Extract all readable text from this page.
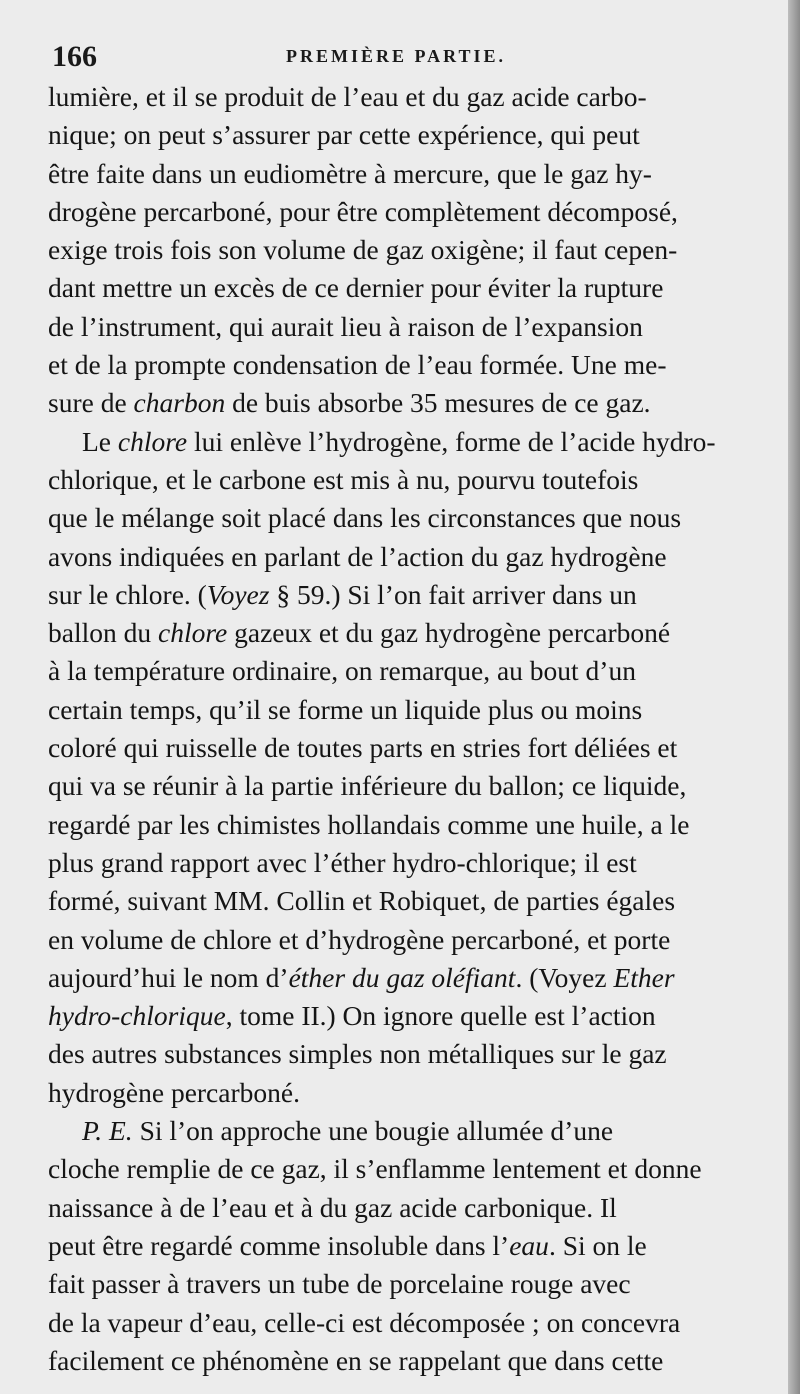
166	PREMIÈRE PARTIE.
lumière, et il se produit de l’eau et du gaz acide carbo-
nique; on peut s’assurer par cette expérience, qui peut
être faite dans un eudiomètre à mercure, que le gaz hy-
drogène percarboné, pour être complètement décomposé,
exige trois fois son volume de gaz oxigène; il faut cepen-
dant mettre un excès de ce dernier pour éviter la rupture
de l’instrument, qui aurait lieu à raison de l’expansion
et de la prompte condensation de l’eau formée. Une me-
sure de charbon de buis absorbe 35 mesures de ce gaz.
Le chlore lui enlève l’hydrogène, forme de l’acide hydro-
chlorique, et le carbone est mis à nu, pourvu toutefois
que le mélange soit placé dans les circonstances que nous
avons indiquées en parlant de l’action du gaz hydrogène
sur le chlore. (Voyez § 59.) Si l’on fait arriver dans un
ballon du chlore gazeux et du gaz hydrogène percarboné
à la température ordinaire, on remarque, au bout d’un
certain temps, qu’il se forme un liquide plus ou moins
coloré qui ruisselle de toutes parts en stries fort déliées et
qui va se réunir à la partie inférieure du ballon; ce liquide,
regardé par les chimistes hollandais comme une huile, a le
plus grand rapport avec l’éther hydro-chlorique; il est
formé, suivant MM. Collin et Robiquet, de parties égales
en volume de chlore et d’hydrogène percarboné, et porte
aujourd’hui le nom d’éther du gaz oléfiant. (Voyez Ether
hydro-chlorique, tome II.) On ignore quelle est l’action
des autres substances simples non métalliques sur le gaz
hydrogène percarboné.
P. E. Si l’on approche une bougie allumée d’une
cloche remplie de ce gaz, il s’enflamme lentement et donne
naissance à de l’eau et à du gaz acide carbonique. Il
peut être regardé comme insoluble dans l’eau. Si on le
fait passer à travers un tube de porcelaine rouge avec
de la vapeur d’eau, celle-ci est décomposée ; on concevra
facilement ce phénomène en se rappelant que dans cette
